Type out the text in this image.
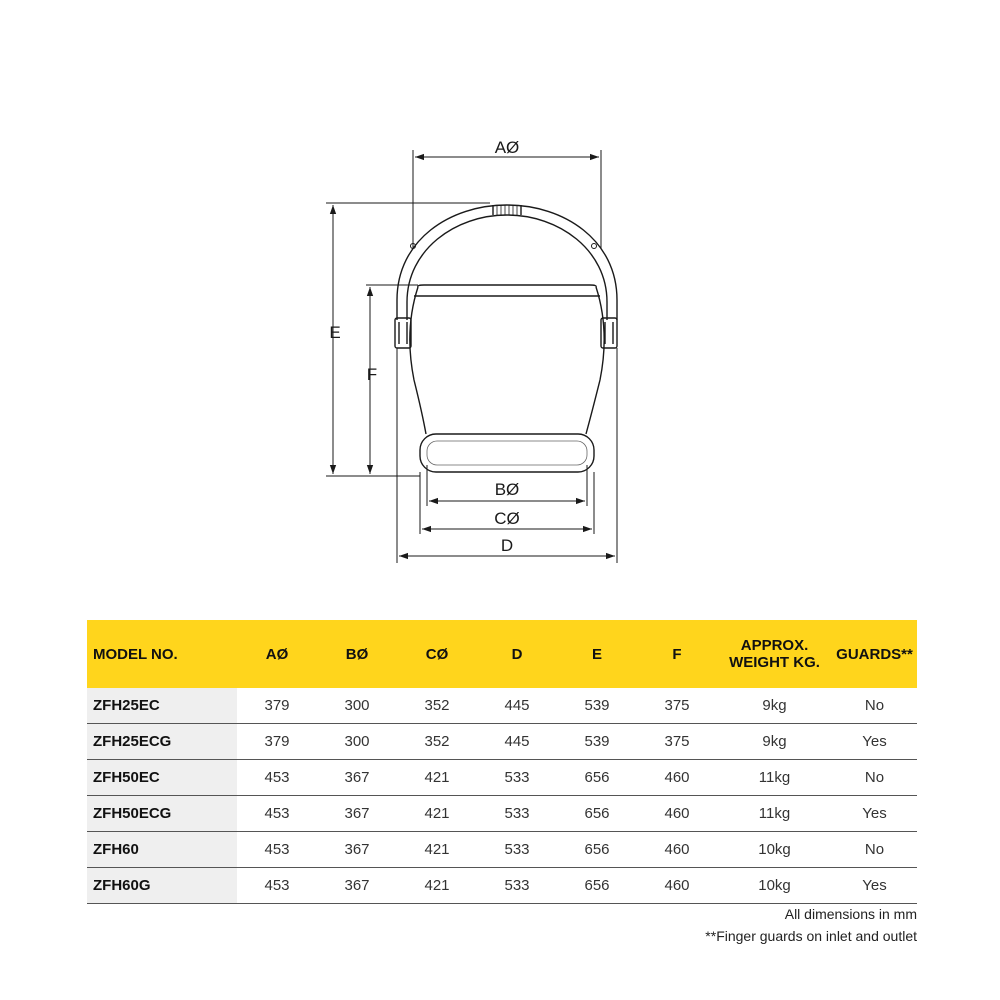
AØ
E
F
BØ
CØ
D
MODEL NO.	AØ	BØ	CØ	D	E	F	APPROX. WEIGHT KG.	GUARDS**
ZFH25EC	379	300	352	445	539	375	9kg	No
ZFH25ECG	379	300	352	445	539	375	9kg	Yes
ZFH50EC	453	367	421	533	656	460	11kg	No
ZFH50ECG	453	367	421	533	656	460	11kg	Yes
ZFH60	453	367	421	533	656	460	10kg	No
ZFH60G	453	367	421	533	656	460	10kg	Yes
All dimensions in mm
**Finger guards on inlet and outlet
